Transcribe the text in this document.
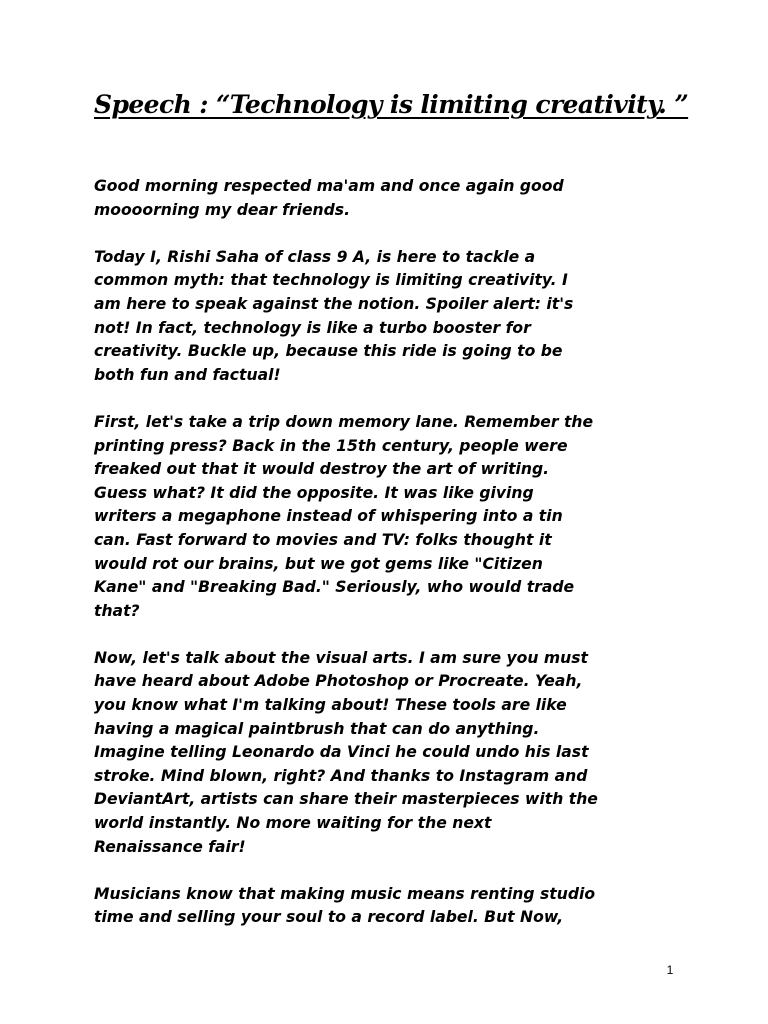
Speech : “Technology is limiting creativity. ”

Good morning respected ma'am and once again good
moooorning my dear friends.

Today I, Rishi Saha of class 9 A, is here to tackle a
common myth: that technology is limiting creativity. I
am here to speak against the notion. Spoiler alert: it's
not! In fact, technology is like a turbo booster for
creativity. Buckle up, because this ride is going to be
both fun and factual!

First, let's take a trip down memory lane. Remember the
printing press? Back in the 15th century, people were
freaked out that it would destroy the art of writing.
Guess what? It did the opposite. It was like giving
writers a megaphone instead of whispering into a tin
can. Fast forward to movies and TV: folks thought it
would rot our brains, but we got gems like "Citizen
Kane" and "Breaking Bad." Seriously, who would trade
that?

Now, let's talk about the visual arts. I am sure you must
have heard about Adobe Photoshop or Procreate. Yeah,
you know what I'm talking about! These tools are like
having a magical paintbrush that can do anything.
Imagine telling Leonardo da Vinci he could undo his last
stroke. Mind blown, right? And thanks to Instagram and
DeviantArt, artists can share their masterpieces with the
world instantly. No more waiting for the next
Renaissance fair!

Musicians know that making music means renting studio
time and selling your soul to a record label. But Now,

1
